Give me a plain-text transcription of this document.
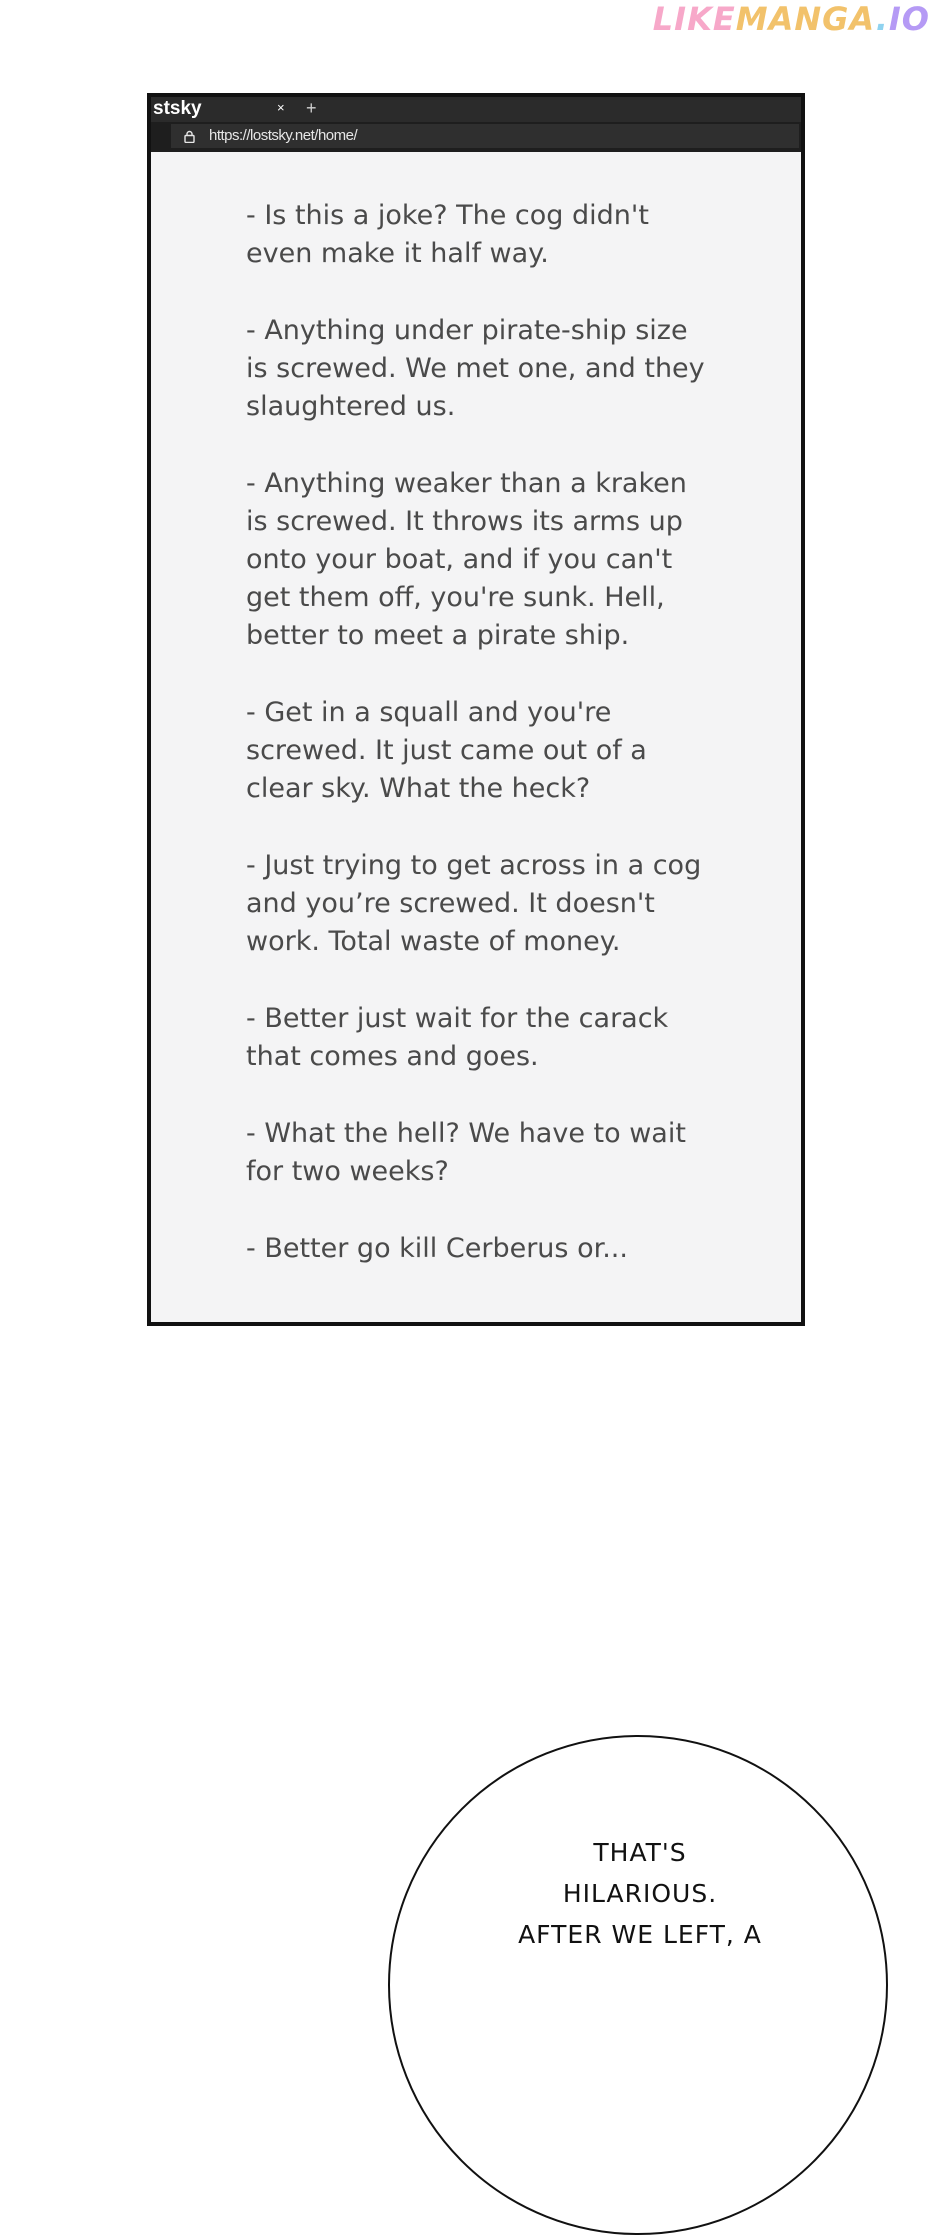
LIKEMANGA.IO
stsky	× +
https://lostsky.net/home/

- Is this a joke? The cog didn't
even make it half way.

- Anything under pirate-ship size
is screwed. We met one, and they
slaughtered us.

- Anything weaker than a kraken
is screwed. It throws its arms up
onto your boat, and if you can't
get them off, you're sunk. Hell,
better to meet a pirate ship.

- Get in a squall and you're
screwed. It just came out of a
clear sky. What the heck?

- Just trying to get across in a cog
and you’re screwed. It doesn't
work. Total waste of money.

- Better just wait for the carack
that comes and goes.

- What the hell? We have to wait
for two weeks?

- Better go kill Cerberus or...

THAT'S
HILARIOUS.
AFTER WE LEFT, A
